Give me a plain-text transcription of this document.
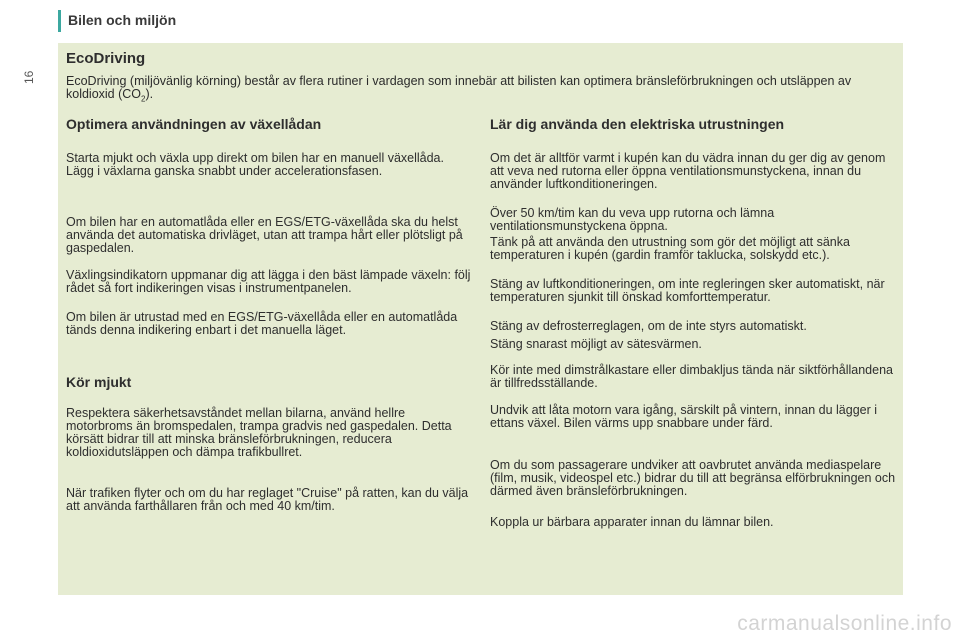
Bilen och miljön
16
EcoDriving

EcoDriving (miljövänlig körning) består av flera rutiner i vardagen som innebär att bilisten kan optimera bränsleförbrukningen och utsläppen av koldioxid $(CO_2)$.

Optimera användningen av växellådan

Starta mjukt och växla upp direkt om bilen har en manuell växellåda. Lägg i växlarna ganska snabbt under accelerationsfasen.

Om bilen har en automatlåda eller en EGS/ETG-växellåda ska du helst använda det automatiska drivläget, utan att trampa hårt eller plötsligt på gaspedalen.

Växlingsindikatorn uppmanar dig att lägga i den bäst lämpade växeln: följ rådet så fort indikeringen visas i instrumentpanelen.

Om bilen är utrustad med en EGS/ETG-växellåda eller en automatlåda tänds denna indikering enbart i det manuella läget.

Kör mjukt

Respektera säkerhetsavståndet mellan bilarna, använd hellre motorbroms än bromspedalen, trampa gradvis ned gaspedalen. Detta körsätt bidrar till att minska bränsleförbrukningen, reducera koldioxidutsläppen och dämpa trafikbullret.

När trafiken flyter och om du har reglaget "Cruise" på ratten, kan du välja att använda farthållaren från och med 40 km/tim.

Lär dig använda den elektriska utrustningen

Om det är alltför varmt i kupén kan du vädra innan du ger dig av genom att veva ned rutorna eller öppna ventilationsmunstyckena, innan du använder luftkonditioneringen.

Över 50 km/tim kan du veva upp rutorna och lämna ventilationsmunstyckena öppna.

Tänk på att använda den utrustning som gör det möjligt att sänka temperaturen i kupén (gardin framför taklucka, solskydd etc.).

Stäng av luftkonditioneringen, om inte regleringen sker automatiskt, när temperaturen sjunkit till önskad komforttemperatur.

Stäng av defrosterreglagen, om de inte styrs automatiskt.

Stäng snarast möjligt av sätesvärmen.

Kör inte med dimstrålkastare eller dimbakljus tända när siktförhållandena är tillfredsställande.

Undvik att låta motorn vara igång, särskilt på vintern, innan du lägger i ettans växel. Bilen värms upp snabbare under färd.

Om du som passagerare undviker att oavbrutet använda mediaspelare (film, musik, videospel etc.) bidrar du till att begränsa elförbrukningen och därmed även bränsleförbrukningen.

Koppla ur bärbara apparater innan du lämnar bilen.

carmanualsonline.info
